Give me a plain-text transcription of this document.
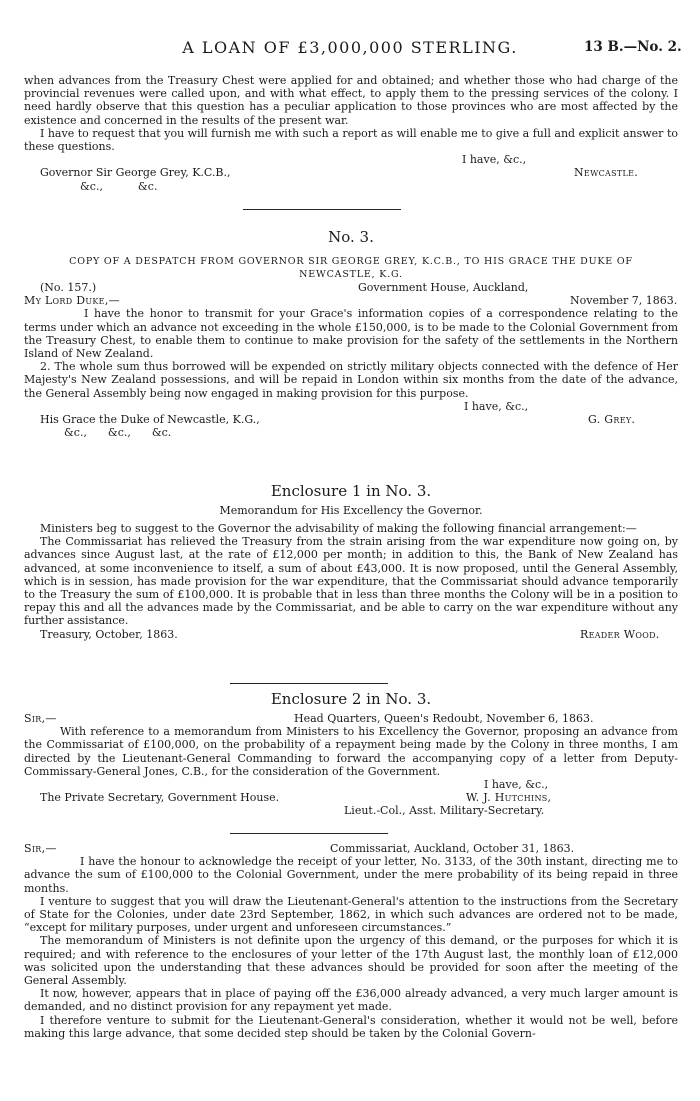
A LOAN OF £3,000,000 STERLING.	13 B.—No. 2.

when advances from the Treasury Chest were applied for and obtained; and whether those who had charge of the provincial revenues were called upon, and with what effect, to apply them to the pressing services of the colony. I need hardly observe that this question has a peculiar application to those provinces who are most affected by the existence and concerned in the results of the present war.

I have to request that you will furnish me with such a report as will enable me to give a full and explicit answer to these questions.

I have, &c.,
Governor Sir George Grey, K.C.B.,	Newcastle.
&c.,          &c.
No. 3.
COPY OF A DESPATCH FROM GOVERNOR SIR GEORGE GREY, K.C.B., TO HIS GRACE THE DUKE OF
NEWCASTLE, K.G.
(No. 157.)	Government House, Auckland,
My Lord Duke,—	November 7, 1863.

I have the honor to transmit for your Grace's information copies of a correspondence relating to the terms under which an advance not exceeding in the whole £150,000, is to be made to the Colonial Government from the Treasury Chest, to enable them to continue to make provision for the safety of the settlements in the Northern Island of New Zealand.

2. The whole sum thus borrowed will be expended on strictly military objects connected with the defence of Her Majesty's New Zealand possessions, and will be repaid in London within six months from the date of the advance, the General Assembly being now engaged in making provision for this purpose.

I have, &c.,
His Grace the Duke of Newcastle, K.G.,	G. Grey.
&c.,      &c.,      &c.
Enclosure 1 in No. 3.
Memorandum for His Excellency the Governor.

Ministers beg to suggest to the Governor the advisability of making the following financial arrangement:—

The Commissariat has relieved the Treasury from the strain arising from the war expenditure now going on, by advances since August last, at the rate of £12,000 per month; in addition to this, the Bank of New Zealand has advanced, at some inconvenience to itself, a sum of about £43,000. It is now proposed, until the General Assembly, which is in session, has made provision for the war expenditure, that the Commissariat should advance temporarily to the Treasury the sum of £100,000. It is probable that in less than three months the Colony will be in a position to repay this and all the advances made by the Commissariat, and be able to carry on the war expenditure without any further assistance.

Treasury, October, 1863.	Reader Wood.
Enclosure 2 in No. 3.
Sir,—	Head Quarters, Queen's Redoubt, November 6, 1863.

With reference to a memorandum from Ministers to his Excellency the Governor, proposing an advance from the Commissariat of £100,000, on the probability of a repayment being made by the Colony in three months, I am directed by the Lieutenant-General Commanding to forward the accompanying copy of a letter from Deputy-Commissary-General Jones, C.B., for the consideration of the Government.

I have, &c.,
The Private Secretary, Government House.	W. J. Hutchins,
Lieut.-Col., Asst. Military-Secretary.
Sir,—	Commissariat, Auckland, October 31, 1863.

I have the honour to acknowledge the receipt of your letter, No. 3133, of the 30th instant, directing me to advance the sum of £100,000 to the Colonial Government, under the mere probability of its being repaid in three months.

I venture to suggest that you will draw the Lieutenant-General's attention to the instructions from the Secretary of State for the Colonies, under date 23rd September, 1862, in which such advances are ordered not to be made, “except for military purposes, under urgent and unforeseen circumstances.”

The memorandum of Ministers is not definite upon the urgency of this demand, or the purposes for which it is required; and with reference to the enclosures of your letter of the 17th August last, the monthly loan of £12,000 was solicited upon the understanding that these advances should be provided for soon after the meeting of the General Assembly.

It now, however, appears that in place of paying off the £36,000 already advanced, a very much larger amount is demanded, and no distinct provision for any repayment yet made.

I therefore venture to submit for the Lieutenant-General's consideration, whether it would not be well, before making this large advance, that some decided step should be taken by the Colonial Govern-
